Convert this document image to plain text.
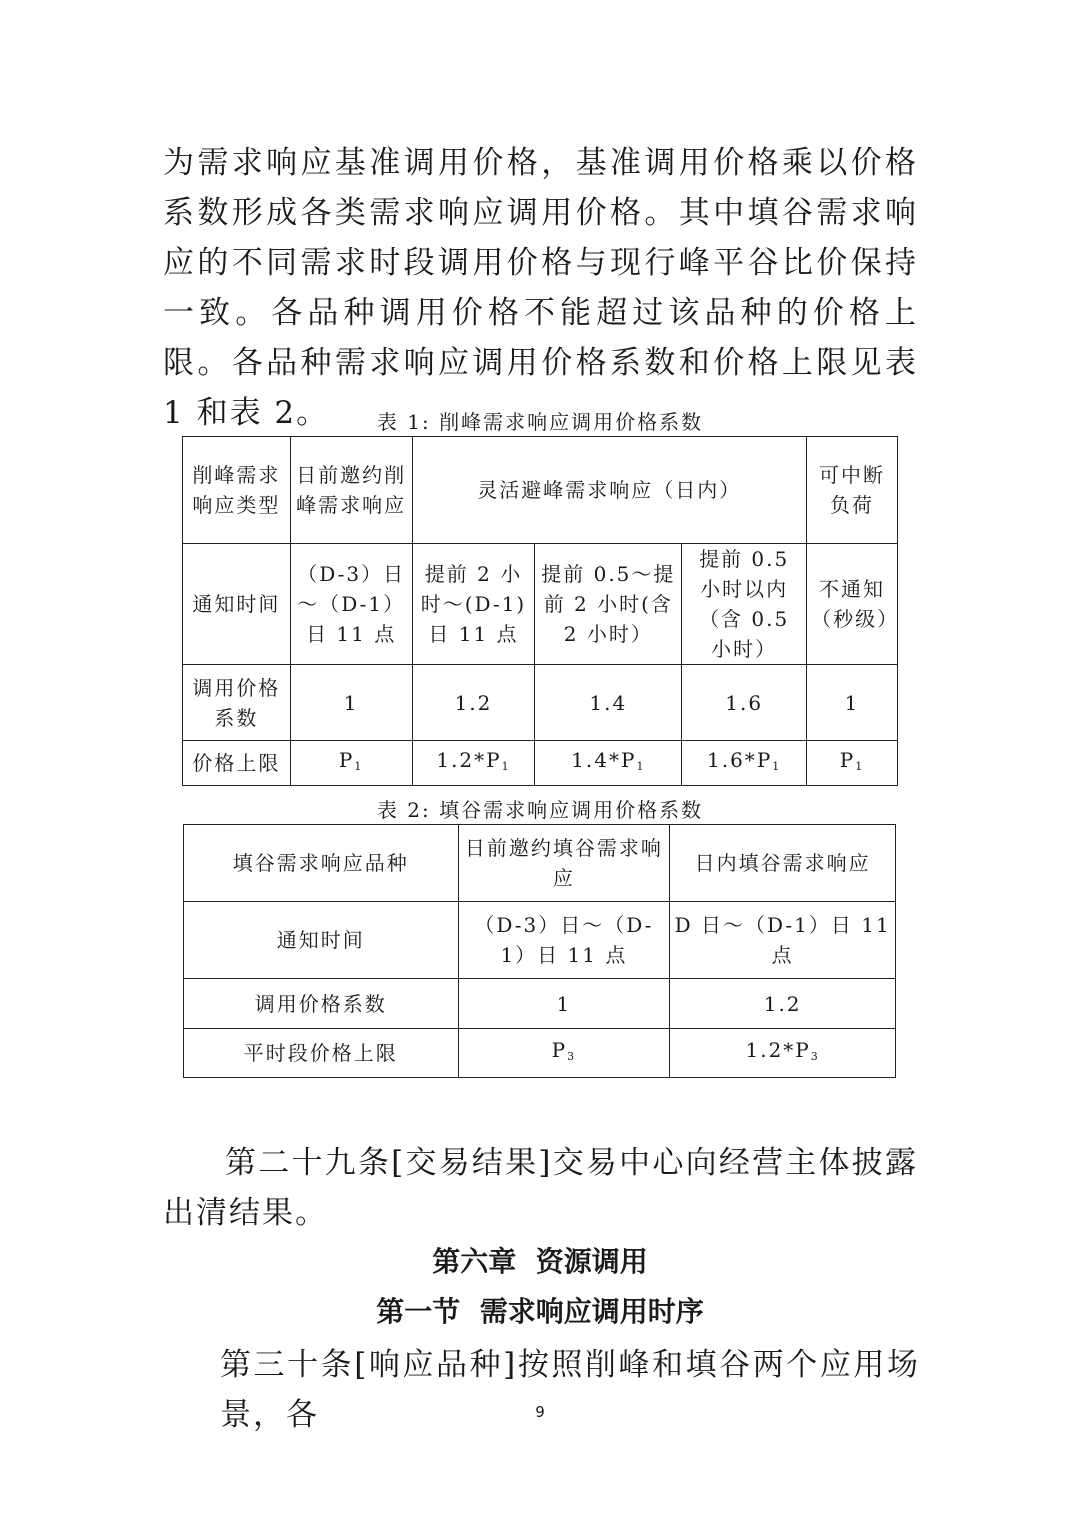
为需求响应基准调用价格，基准调用价格乘以价格系数形成各类需求响应调用价格。其中填谷需求响应的不同需求时段调用价格与现行峰平谷比价保持一致。各品种调用价格不能超过该品种的价格上限。各品种需求响应调用价格系数和价格上限见表 1 和表 2。	表 1: 削峰需求响应调用价格系数
削峰需求响应类型	日前邀约削峰需求响应	灵活避峰需求响应（日内）			可中断负荷
通知时间	（D-3）日～（D-1）日 11 点	提前 2 小时～(D-1) 日 11 点	提前 0.5～提前 2 小时(含 2 小时）	提前 0.5 小时以内（含 0.5 小时）	不通知（秒级）
调用价格系数	1	1.2	1.4	1.6	1
价格上限	$P_1$	$1.2*P_1$	$1.4*P_1$	$1.6*P_1$	$P_1$
表 2: 填谷需求响应调用价格系数
填谷需求响应品种	日前邀约填谷需求响应	日内填谷需求响应
通知时间	（D-3）日～（D-1）日 11 点	D 日～（D-1）日 11 点
调用价格系数	1	1.2
平时段价格上限	$P_3$	$1.2*P_3$

第二十九条[交易结果]交易中心向经营主体披露出清结果。

第六章  资源调用
第一节  需求响应调用时序

第三十条[响应品种]按照削峰和填谷两个应用场景，各	9
